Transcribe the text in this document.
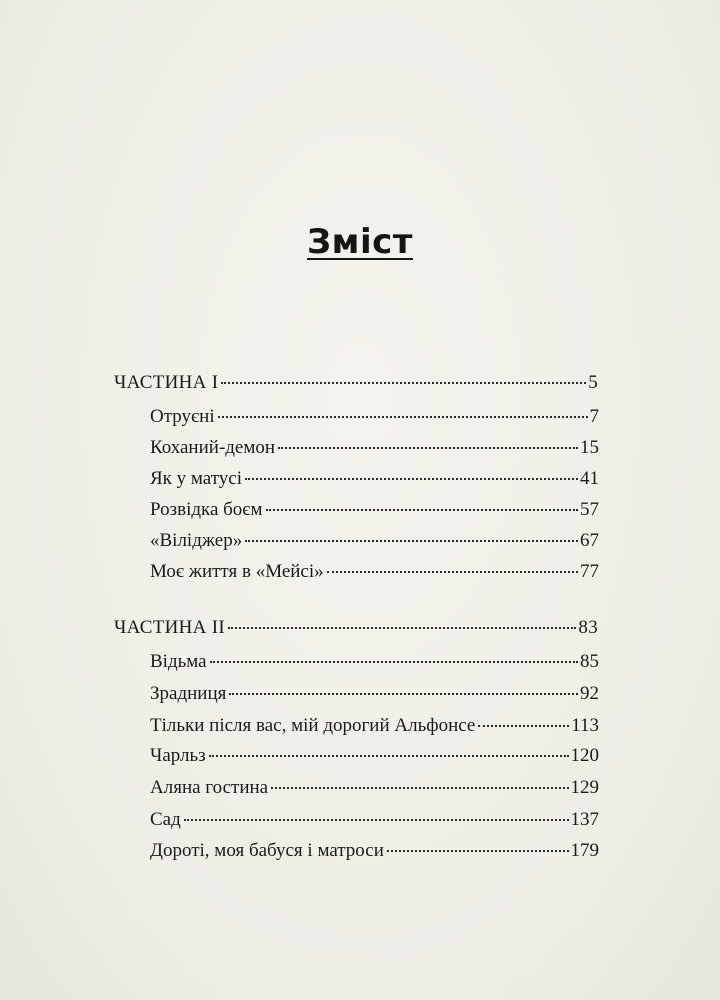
Зміст
ЧАСТИНА І	5
Отруєні	7
Коханий-демон	15
Як у матусі	41
Розвідка боєм	57
«Віліджер»	67
Моє життя в «Мейсі»	77
ЧАСТИНА ІІ	83
Відьма	85
Зрадниця	92
Тільки після вас, мій дорогий Альфонсе	113
Чарльз	120
Аляна гостина	129
Сад	137
Дороті, моя бабуся і матроси	179
